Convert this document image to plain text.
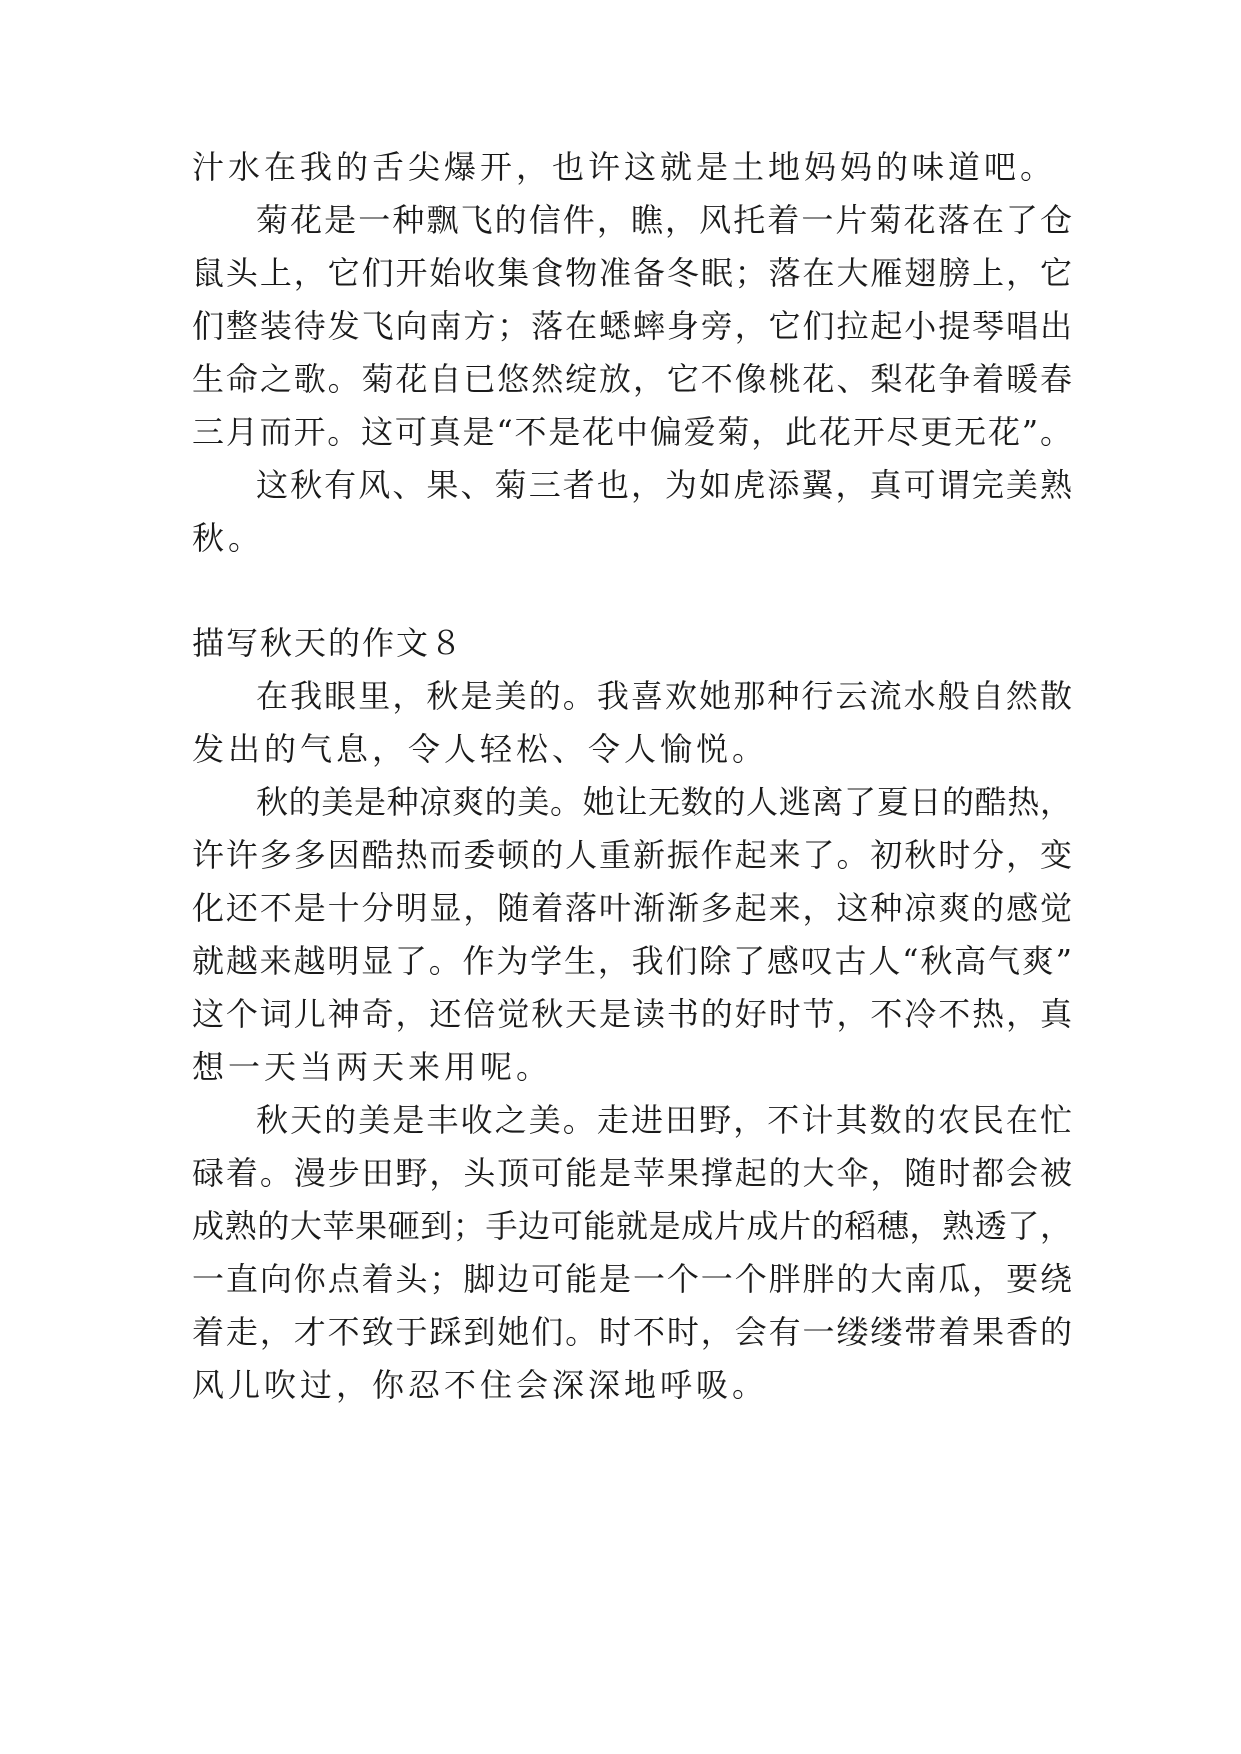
汁水在我的舌尖爆开，也许这就是土地妈妈的味道吧。
菊花是一种飘飞的信件，瞧，风托着一片菊花落在了仓
鼠头上，它们开始收集食物准备冬眠；落在大雁翅膀上，它
们整装待发飞向南方；落在蟋蟀身旁，它们拉起小提琴唱出
生命之歌。菊花自已悠然绽放，它不像桃花、梨花争着暖春
三月而开。这可真是“不是花中偏爱菊，此花开尽更无花”。
这秋有风、果、菊三者也，为如虎添翼，真可谓完美熟
秋。
描写秋天的作文８
在我眼里，秋是美的。我喜欢她那种行云流水般自然散
发出的气息，令人轻松、令人愉悦。
秋的美是种凉爽的美。她让无数的人逃离了夏日的酷热，
许许多多因酷热而委顿的人重新振作起来了。初秋时分，变
化还不是十分明显，随着落叶渐渐多起来，这种凉爽的感觉
就越来越明显了。作为学生，我们除了感叹古人“秋高气爽”
这个词儿神奇，还倍觉秋天是读书的好时节，不冷不热，真
想一天当两天来用呢。
秋天的美是丰收之美。走进田野，不计其数的农民在忙
碌着。漫步田野，头顶可能是苹果撑起的大伞，随时都会被
成熟的大苹果砸到；手边可能就是成片成片的稻穗，熟透了，
一直向你点着头；脚边可能是一个一个胖胖的大南瓜，要绕
着走，才不致于踩到她们。时不时，会有一缕缕带着果香的
风儿吹过，你忍不住会深深地呼吸。
